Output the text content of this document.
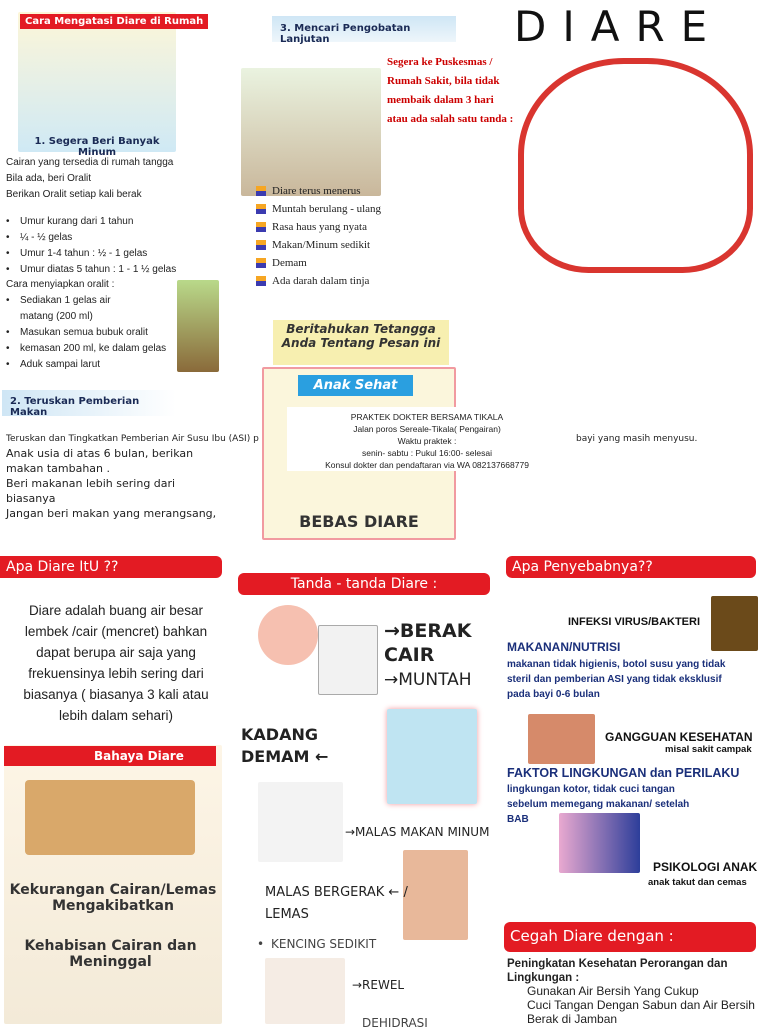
Cara Mengatasi Diare di Rumah
1. Segera Beri Banyak Minum
Cairan yang tersedia di rumah tangga
Bila ada, beri Oralit
Berikan Oralit setiap kali berak
• Umur kurang dari 1 tahun
• ¼ - ½ gelas
• Umur 1-4 tahun : ½ - 1 gelas
• Umur diatas 5 tahun : 1 - 1 ½ gelas
Cara menyiapkan oralit :
• Sediakan 1 gelas air matang (200 ml)
• Masukan semua bubuk oralit
• kemasan 200 ml, ke dalam gelas
• Aduk sampai larut
2. Teruskan Pemberian Makan
Teruskan dan Tingkatkan Pemberian Air Susu Ibu (ASI) p	bayi yang masih menyusu.
Anak usia di atas 6 bulan, berikan makan tambahan .
Beri makanan lebih sering dari biasanya
Jangan beri makan yang merangsang,
Apa Diare ItU ??
Diare adalah buang air besar lembek /cair (mencret) bahkan dapat berupa air saja yang frekuensinya lebih sering dari biasanya ( biasanya 3 kali atau lebih dalam sehari)
Bahaya Diare
Kekurangan Cairan/Lemas Mengakibatkan
Kehabisan Cairan dan Meninggal
3. Mencari Pengobatan Lanjutan
Segera ke Puskesmas / Rumah Sakit, bila tidak membaik dalam 3 hari atau ada salah satu tanda :
Diare terus menerus
Muntah berulang - ulang
Rasa haus yang nyata
Makan/Minum sedikit
Demam
Ada darah dalam tinja
Beritahukan Tetangga Anda Tentang Pesan ini
Anak Sehat
BEBAS DIARE
PRAKTEK DOKTER BERSAMA TIKALA
Jalan poros Sereale-Tikala( Pengairan)
Waktu praktek :
senin- sabtu : Pukul 16:00- selesai
Konsul dokter dan pendaftaran via WA 082137668779
Tanda - tanda Diare :
→BERAK CAIR
→MUNTAH
KADANG DEMAM ←
→MALAS MAKAN MINUM
MALAS BERGERAK ← / LEMAS
• KENCING SEDIKIT
→REWEL
DEHIDRASI
DIARE
Apa Penyebabnya??
INFEKSI VIRUS/BAKTERI
MAKANAN/NUTRISI
makanan tidak higienis, botol susu yang tidak steril dan pemberian ASI yang tidak eksklusif pada bayi 0-6 bulan
GANGGUAN KESEHATAN
misal sakit campak
FAKTOR LINGKUNGAN dan PERILAKU
lingkungan kotor, tidak cuci tangan sebelum memegang makanan/ setelah BAB
PSIKOLOGI ANAK
anak takut dan cemas
Cegah Diare dengan :
Peningkatan Kesehatan Perorangan dan Lingkungan :
Gunakan Air Bersih Yang Cukup
Cuci Tangan Dengan Sabun dan Air Bersih
Berak di Jamban
